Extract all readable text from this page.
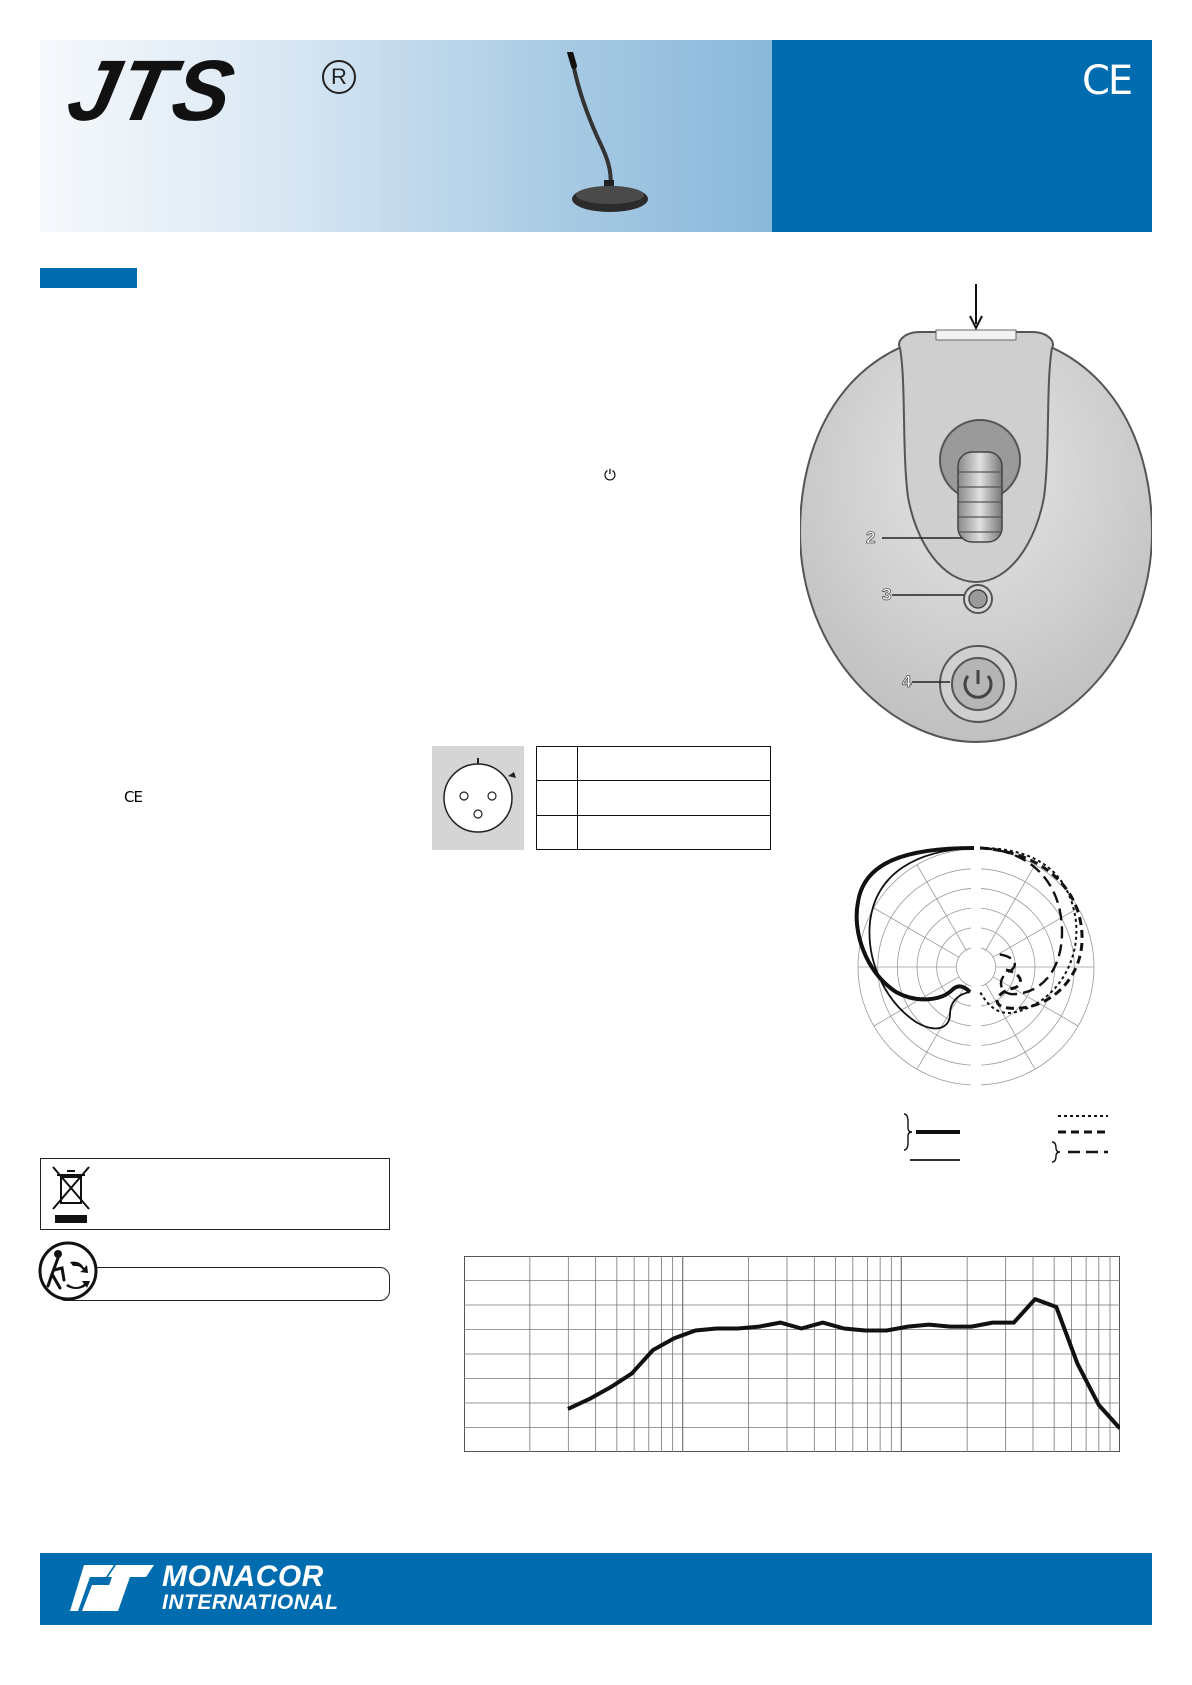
JTS	R	CE
⏻
CE
2
3
4

MONACOR
INTERNATIONAL
